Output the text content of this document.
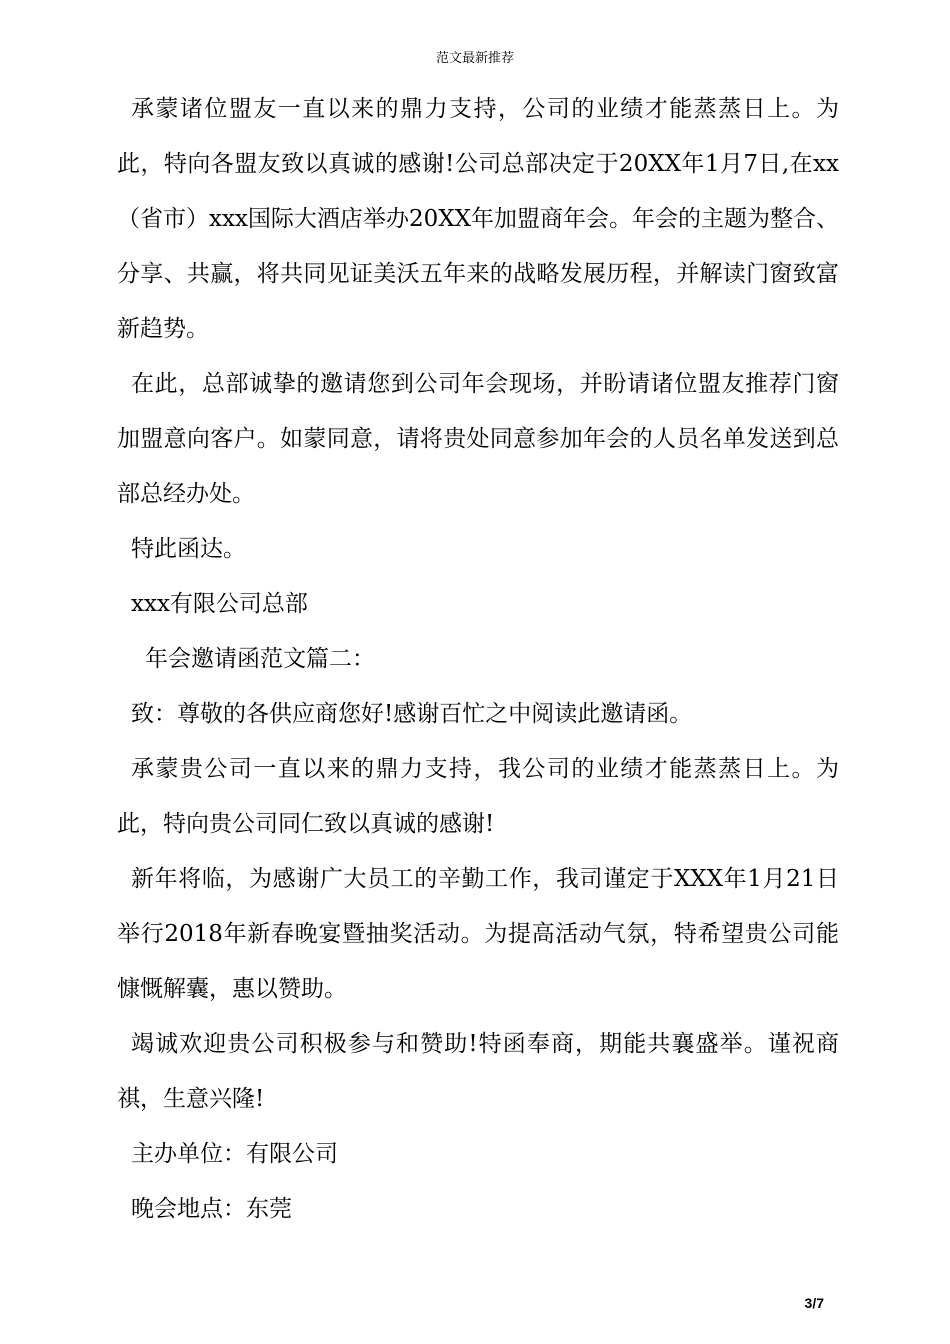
范文最新推荐

承蒙诸位盟友一直以来的鼎力支持，公司的业绩才能蒸蒸日上。为此，特向各盟友致以真诚的感谢!公司总部决定于20XX年1月7日,在xx（省市）xxx国际大酒店举办20XX年加盟商年会。年会的主题为整合、分享、共赢，将共同见证美沃五年来的战略发展历程，并解读门窗致富新趋势。

在此，总部诚挚的邀请您到公司年会现场，并盼请诸位盟友推荐门窗加盟意向客户。如蒙同意，请将贵处同意参加年会的人员名单发送到总部总经办处。

特此函达。

xxx有限公司总部

年会邀请函范文篇二：

致：尊敬的各供应商您好!感谢百忙之中阅读此邀请函。

承蒙贵公司一直以来的鼎力支持，我公司的业绩才能蒸蒸日上。为此，特向贵公司同仁致以真诚的感谢!

新年将临，为感谢广大员工的辛勤工作，我司谨定于XXX年1月21日举行2018年新春晚宴暨抽奖活动。为提高活动气氛，特希望贵公司能慷慨解囊，惠以赞助。

竭诚欢迎贵公司积极参与和赞助!特函奉商，期能共襄盛举。谨祝商祺，生意兴隆!

主办单位：有限公司

晚会地点：东莞

3/7
